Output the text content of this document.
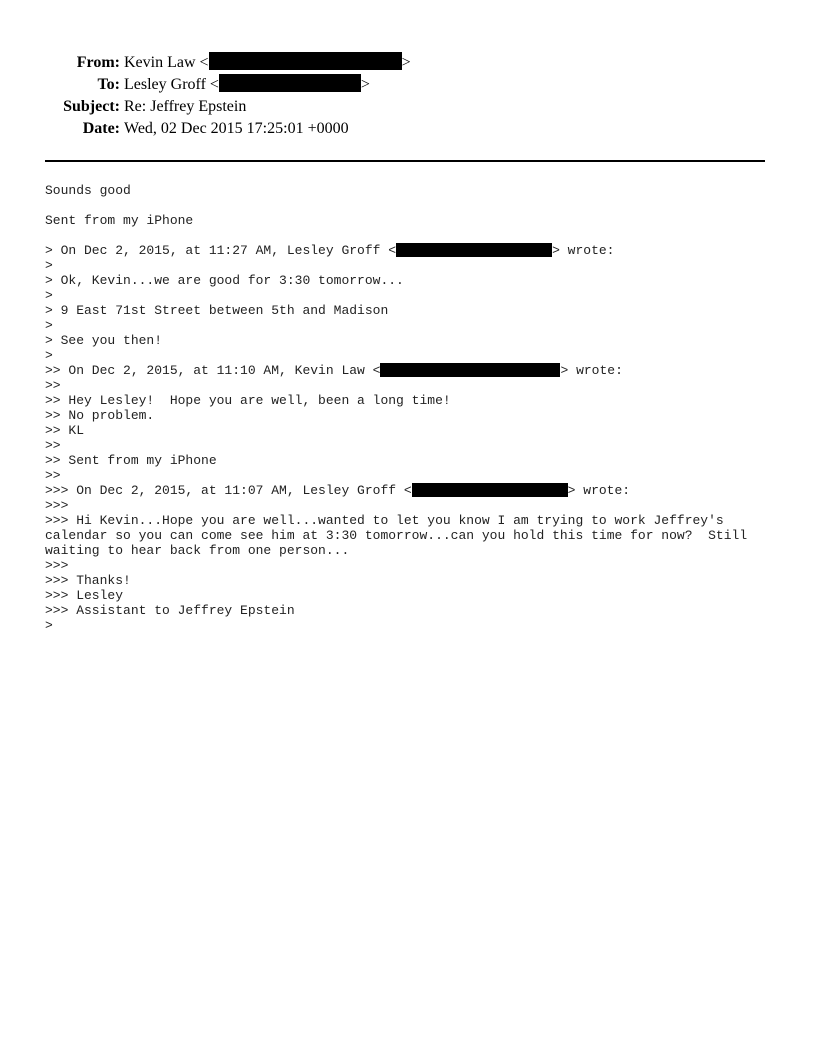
From: Kevin Law <	>
To: Lesley Groff <	>
Subject: Re: Jeffrey Epstein
Date: Wed, 02 Dec 2015 17:25:01 +0000
Sounds good
Sent from my iPhone
> On Dec 2, 2015, at 11:27 AM, Lesley Groff <	> wrote:
>
> Ok, Kevin...we are good for 3:30 tomorrow...
>
> 9 East 71st Street between 5th and Madison
>
> See you then!
>
>> On Dec 2, 2015, at 11:10 AM, Kevin Law <	> wrote:
>>
>> Hey Lesley!  Hope you are well, been a long time!
>> No problem.
>> KL
>>
>> Sent from my iPhone
>>
>>> On Dec 2, 2015, at 11:07 AM, Lesley Groff <	> wrote:
>>>
>>> Hi Kevin...Hope you are well...wanted to let you know I am trying to work Jeffrey's
calendar so you can come see him at 3:30 tomorrow...can you hold this time for now?  Still
waiting to hear back from one person...
>>>
>>> Thanks!
>>> Lesley
>>> Assistant to Jeffrey Epstein
>
